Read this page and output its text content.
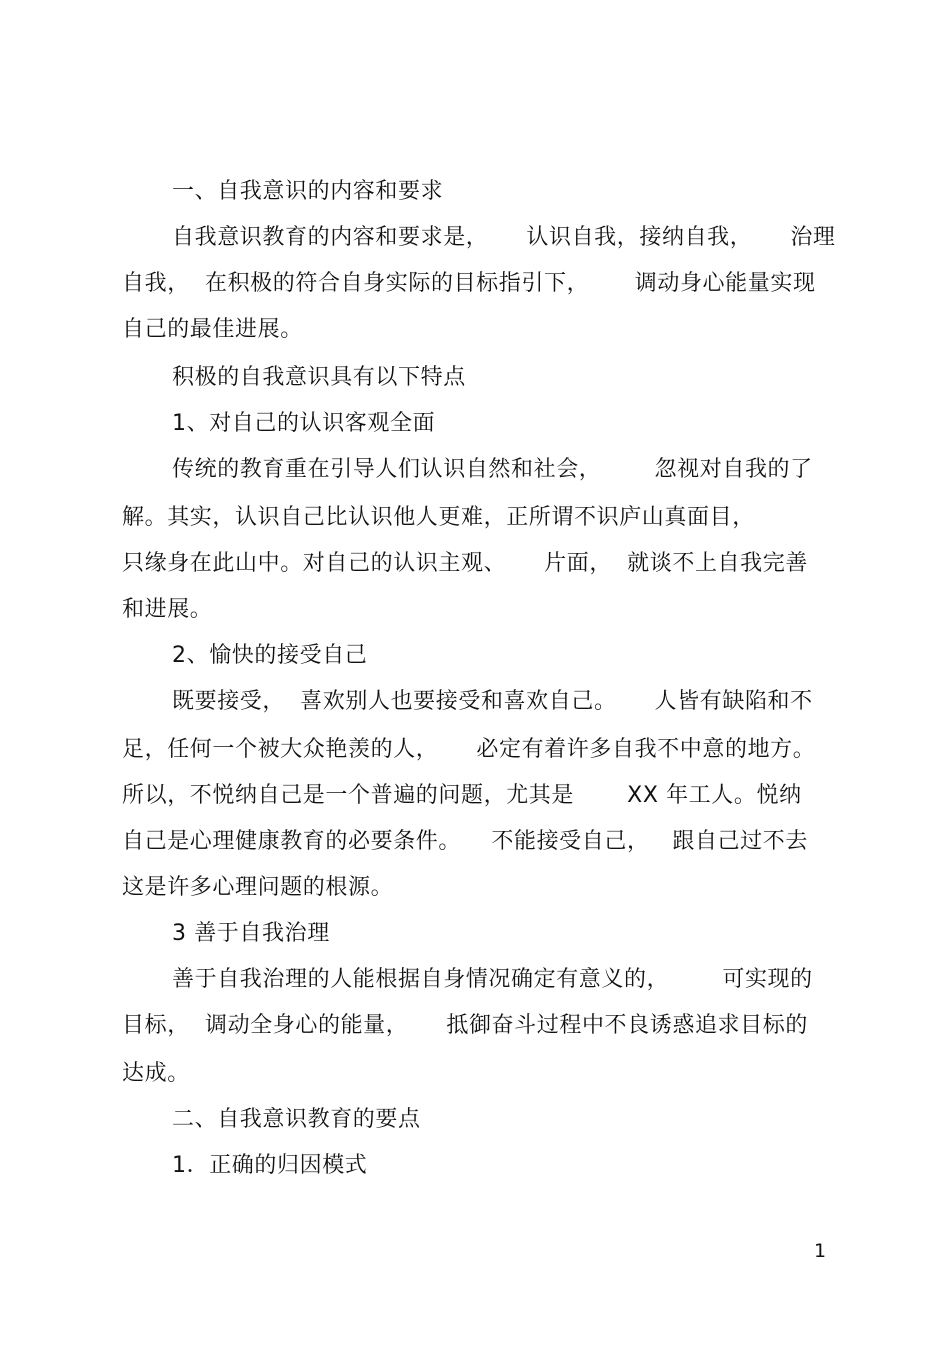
一、自我意识的内容和要求
自我意识教育的内容和要求是，     认识自我，接纳自我，     治理
自我，  在积极的符合自身实际的目标指引下，      调动身心能量实现
自己的最佳进展。
积极的自我意识具有以下特点
1、对自己的认识客观全面
传统的教育重在引导人们认识自然和社会，       忽视对自我的了
解。其实，认识自己比认识他人更难，正所谓不识庐山真面目，
只缘身在此山中。对自己的认识主观、     片面，  就谈不上自我完善
和进展。
2、愉快的接受自己
既要接受，  喜欢别人也要接受和喜欢自己。     人皆有缺陷和不
足，任何一个被大众艳羡的人，     必定有着许多自我不中意的地方。
所以，不悦纳自己是一个普遍的问题，尤其是       XX 年工人。悦纳
自己是心理健康教育的必要条件。    不能接受自己，   跟自己过不去
这是许多心理问题的根源。
3 善于自我治理
善于自我治理的人能根据自身情况确定有意义的，       可实现的
目标，  调动全身心的能量，     抵御奋斗过程中不良诱惑追求目标的
达成。
二、自我意识教育的要点
1．正确的归因模式
1
